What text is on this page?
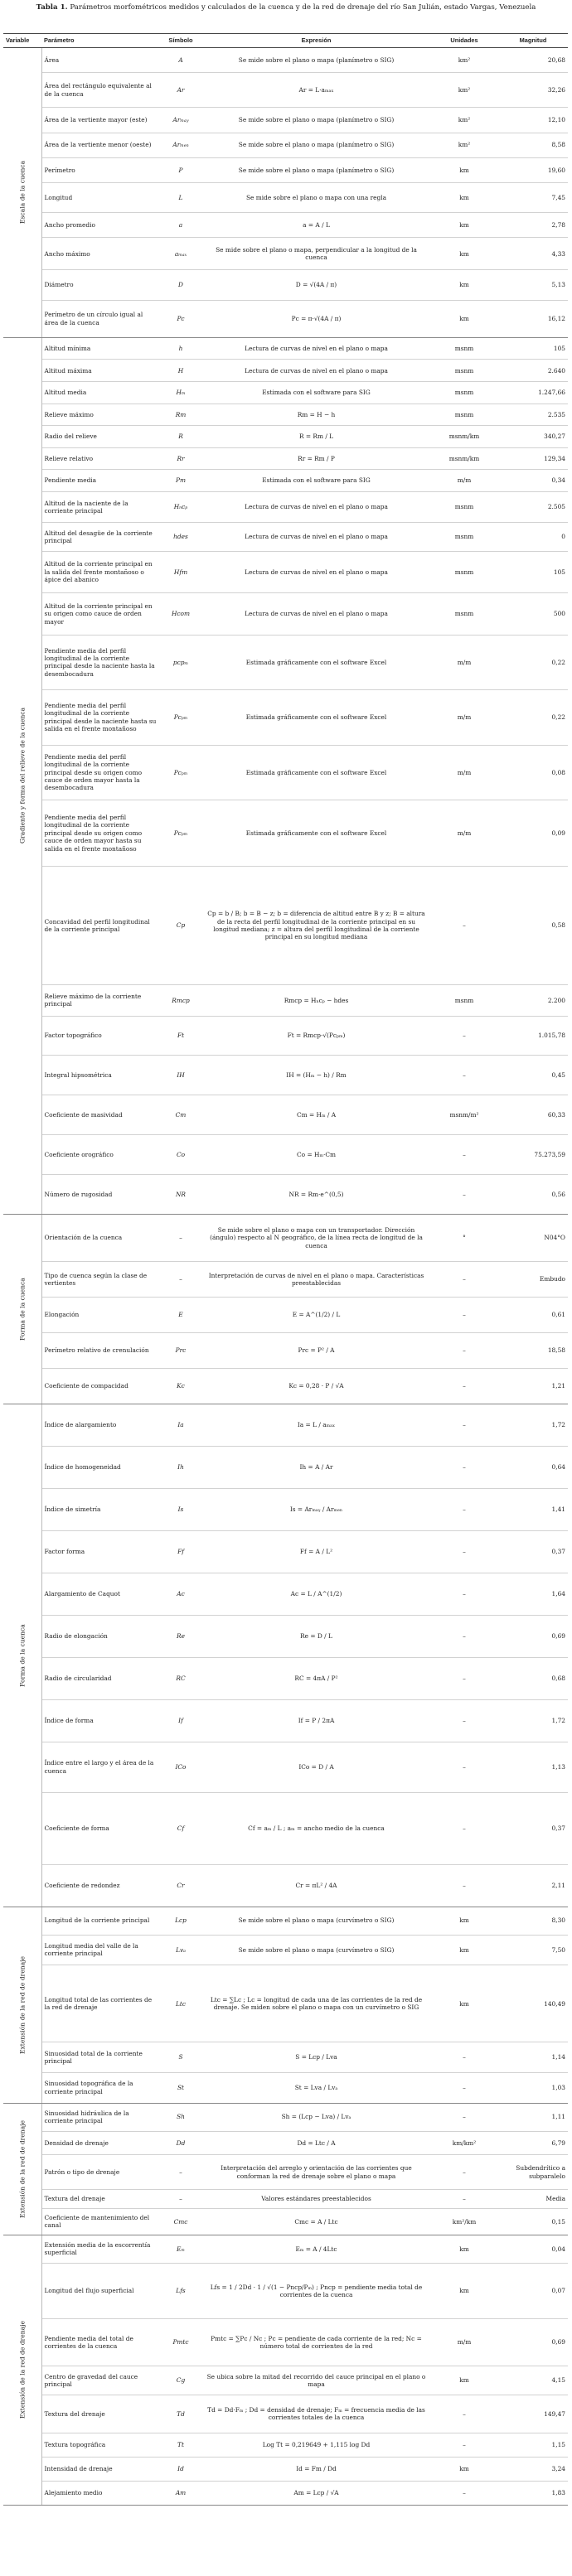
Tabla 1. Parámetros morfométricos medidos y calculados de la cuenca y de la red de drenaje del río San Julián, estado Vargas, Venezuela
Variable	Parámetro	Símbolo	Expresión	Unidades	Magnitud

Escala de la cuenca	Área	A	Se mide sobre el plano o mapa (planímetro o SIG)	km²	20,68
	Área del rectángulo equivalente al de la cuenca	Ar	Ar = L·aₘₐₓ	km²	32,26
	Área de la vertiente mayor (este)	Arₘₐᵧ	Se mide sobre el plano o mapa (planímetro o SIG)	km²	12,10
	Área de la vertiente menor (oeste)	Arₘₑₙ	Se mide sobre el plano o mapa (planímetro o SIG)	km²	8,58
	Perímetro	P	Se mide sobre el plano o mapa (planímetro o SIG)	km	19,60
	Longitud	L	Se mide sobre el plano o mapa con una regla	km	7,45
	Ancho promedio	a	a = A / L	km	2,78
	Ancho máximo	aₘₐₓ	Se mide sobre el plano o mapa, perpendicular a la longitud de la cuenca	km	4,33
	Diámetro	D	D = √(4A / π)	km	5,13
	Perímetro de un círculo igual al área de la cuenca	Pc	Pc = π·√(4A / π)	km	16,12

Gradiente y forma del relieve de la cuenca	Altitud mínima	h	Lectura de curvas de nivel en el plano o mapa	msnm	105
	Altitud máxima	H	Lectura de curvas de nivel en el plano o mapa	msnm	2.640
	Altitud media	Hₘ	Estimada con el software para SIG	msnm	1.247,66
	Relieve máximo	Rm	Rm = H − h	msnm	2.535
	Radio del relieve	R	R = Rm / L	msnm/km	340,27
	Relieve relativo	Rr	Rr = Rm / P	msnm/km	129,34
	Pendiente media	Pm	Estimada con el software para SIG	m/m	0,34
	Altitud de la naciente de la corriente principal	Hₙcₚ	Lectura de curvas de nivel en el plano o mapa	msnm	2.505
	Altitud del desagüe de la corriente principal	hdes	Lectura de curvas de nivel en el plano o mapa	msnm	0
	Altitud de la corriente principal en la salida del frente montañoso o ápice del abanico	Hfm	Lectura de curvas de nivel en el plano o mapa	msnm	105
	Altitud de la corriente principal en su origen como cauce de orden mayor	Hcom	Lectura de curvas de nivel en el plano o mapa	msnm	500
	Pendiente media del perfil longitudinal de la corriente principal desde la naciente hasta la desembocadura	pcpₘ	Estimada gráficamente con el software Excel	m/m	0,22
	Pendiente media del perfil longitudinal de la corriente principal desde la naciente hasta su salida en el frente montañoso	Pcₚₘ	Estimada gráficamente con el software Excel	m/m	0,22
	Pendiente media del perfil longitudinal de la corriente principal desde su origen como cauce de orden mayor hasta la desembocadura	Pcₚₘ	Estimada gráficamente con el software Excel	m/m	0,08
	Pendiente media del perfil longitudinal de la corriente principal desde su origen como cauce de orden mayor hasta su salida en el frente montañoso	Pcₚₘ	Estimada gráficamente con el software Excel	m/m	0,09
	Concavidad del perfil longitudinal de la corriente principal	Cp	Cp = b / B; b = B − z; b = diferencia de altitud entre B y z; B = altura de la recta del perfil longitudinal de la corriente principal en su longitud mediana; z = altura del perfil longitudinal de la corriente principal en su longitud mediana	–	0,58
	Relieve máximo de la corriente principal	Rmcp	Rmcp = Hₙcₚ − hdes	msnm	2.200
	Factor topográfico	Ft	Ft = Rmcp·√(Pcₚₘ)	–	1.015,78
	Integral hipsométrica	IH	IH = (Hₘ − h) / Rm	–	0,45
	Coeficiente de masividad	Cm	Cm = Hₘ / A	msnm/m²	60,33
	Coeficiente orográfico	Co	Co = Hₘ·Cm	–	75.273,59
	Número de rugosidad	NR	NR = Rm·e^(0,5)	–	0,56

Forma de la cuenca	Orientación de la cuenca	–	Se mide sobre el plano o mapa con un transportador. Dirección (ángulo) respecto al N geográfico, de la línea recta de longitud de la cuenca	°	N04°O
	Tipo de cuenca según la clase de vertientes	–	Interpretación de curvas de nivel en el plano o mapa. Características preestablecidas	–	Embudo
	Elongación	E	E = A^(1/2) / L	–	0,61
	Perímetro relativo de crenulación	Prc	Prc = P² / A	–	18,58
	Coeficiente de compacidad	Kc	Kc = 0,28 · P / √A	–	1,21

Forma de la cuenca	Índice de alargamiento	Ia	Ia = L / aₘₐₓ	–	1,72
	Índice de homogeneidad	Ih	Ih = A / Ar	–	0,64
	Índice de simetría	Is	Is = Arₘₐᵧ / Arₘₑₙ	–	1,41
	Factor forma	Ff	Ff = A / L²	–	0,37
	Alargamiento de Caquot	Ac	Ac = L / A^(1/2)	–	1,64
	Radio de elongación	Re	Re = D / L	–	0,69
	Radio de circularidad	RC	RC = 4πA / P²	–	0,68
	Índice de forma	If	If = P / 2πA	–	1,72
	Índice entre el largo y el área de la cuenca	ICo	ICo = D / A	–	1,13
	Coeficiente de forma	Cf	Cf = aₘ / L ; aₘ = ancho medio de la cuenca	–	0,37
	Coeficiente de redondez	Cr	Cr = πL² / 4A	–	2,11

Extensión de la red de drenaje	Longitud de la corriente principal	Lcp	Se mide sobre el plano o mapa (curvímetro o SIG)	km	8,30
	Longitud media del valle de la corriente principal	Lvₐ	Se mide sobre el plano o mapa (curvímetro o SIG)	km	7,50
	Longitud total de las corrientes de la red de drenaje	Ltc	Ltc = ∑Lc ; Lc = longitud de cada una de las corrientes de la red de drenaje. Se miden sobre el plano o mapa con un curvímetro o SIG	km	140,49
	Sinuosidad total de la corriente principal	S	S = Lcp / Lva	–	1,14
	Sinuosidad topográfica de la corriente principal	St	St = Lva / Lvₐ	–	1,03

Extensión de la red de drenaje	Sinuosidad hidráulica de la corriente principal	Sh	Sh = (Lcp − Lva) / Lvₐ	–	1,11
	Densidad de drenaje	Dd	Dd = Ltc / A	km/km²	6,79
	Patrón o tipo de drenaje	–	Interpretación del arreglo y orientación de las corrientes que conforman la red de drenaje sobre el plano o mapa	–	Subdendrítico a subparalelo
	Textura del drenaje	–	Valores estándares preestablecidos	–	Media
	Coeficiente de mantenimiento del canal	Cmc	Cmc = A / Ltc	km²/km	0,15

Extensión de la red de drenaje	Extensión media de la escorrentía superficial	Eₘ	Eₘ = A / 4Ltc	km	0,04
	Longitud del flujo superficial	Lfs	Lfs = 1 / 2Dd · 1 / √(1 − Pncp/Pₘ) ; Pncp = pendiente media total de corrientes de la cuenca	km	0,07
	Pendiente media del total de corrientes de la cuenca	Pmtc	Pmtc = ∑Pc / Nc ; Pc = pendiente de cada corriente de la red; Nc = número total de corrientes de la red	m/m	0,69
	Centro de gravedad del cauce principal	Cg	Se ubica sobre la mitad del recorrido del cauce principal en el plano o mapa	km	4,15
	Textura del drenaje	Td	Td = Dd·Fₘ ; Dd = densidad de drenaje; Fₘ = frecuencia media de las corrientes totales de la cuenca	–	149,47
	Textura topográfica	Tt	Log Tt = 0,219649 + 1,115 log Dd	–	1,15
	Intensidad de drenaje	Id	Id = Fm / Dd	km	3,24
	Alejamiento medio	Am	Am = Lcp / √A	–	1,83
